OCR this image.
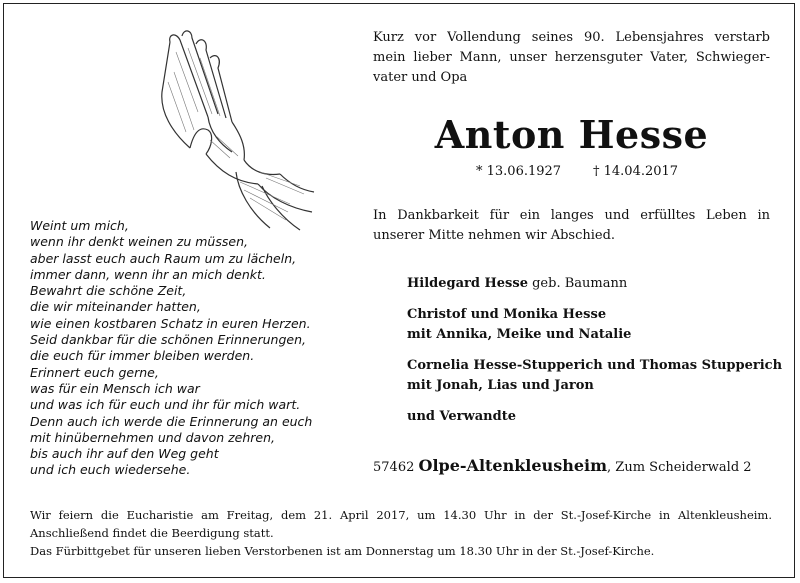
Weint um mich,
wenn ihr denkt weinen zu müssen,
aber lasst euch auch Raum um zu lächeln,
immer dann, wenn ihr an mich denkt.
Bewahrt die schöne Zeit,
die wir miteinander hatten,
wie einen kostbaren Schatz in euren Herzen.
Seid dankbar für die schönen Erinnerungen,
die euch für immer bleiben werden.
Erinnert euch gerne,
was für ein Mensch ich war
und was ich für euch und ihr für mich wart.
Denn auch ich werde die Erinnerung an euch
mit hinübernehmen und davon zehren,
bis auch ihr auf den Weg geht
und ich euch wiedersehe.
Kurz vor Vollendung seines 90. Lebensjahres verstarb
mein lieber Mann, unser herzensguter Vater, Schwieger-
vater und Opa
Anton Hesse
* 13.06.1927 † 14.04.2017
In Dankbarkeit für ein langes und erfülltes Leben in
unserer Mitte nehmen wir Abschied.
Hildegard Hesse geb. Baumann
Christof und Monika Hesse
mit Annika, Meike und Natalie
Cornelia Hesse-Stupperich und Thomas Stupperich
mit Jonah, Lias und Jaron
und Verwandte
57462 Olpe-Altenkleusheim, Zum Scheiderwald 2
Wir feiern die Eucharistie am Freitag, dem 21. April 2017, um 14.30 Uhr in der St.-Josef-Kirche in Altenkleusheim.
Anschließend findet die Beerdigung statt.
Das Fürbittgebet für unseren lieben Verstorbenen ist am Donnerstag um 18.30 Uhr in der St.-Josef-Kirche.
